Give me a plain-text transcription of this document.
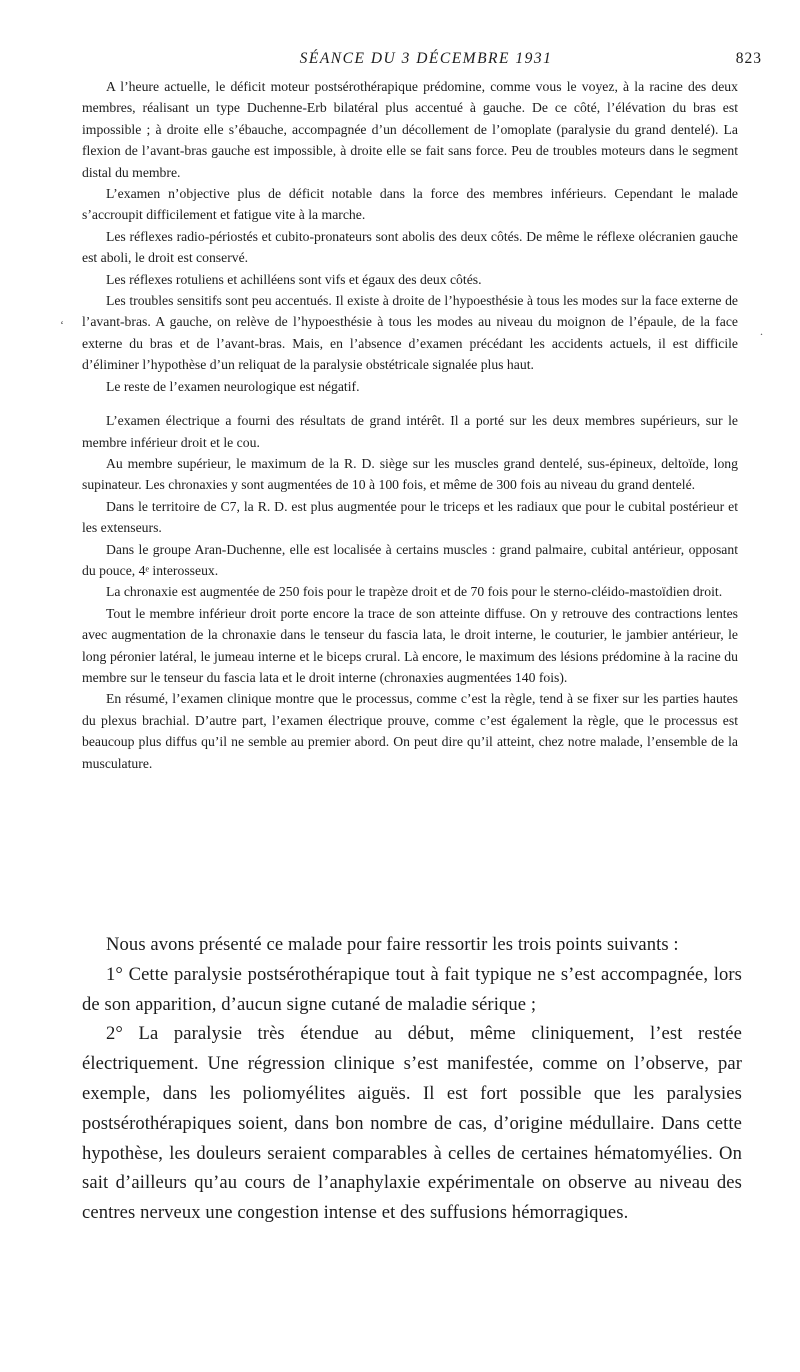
SÉANCE DU 3 DÉCEMBRE 1931	823

A l’heure actuelle, le déficit moteur postsérothérapique prédomine, comme vous le voyez, à la racine des deux membres, réalisant un type Duchenne-Erb bilatéral plus accentué à gauche. De ce côté, l’élévation du bras est impossible ; à droite elle s’ébauche, accompagnée d’un décollement de l’omoplate (paralysie du grand dentelé). La flexion de l’avant-bras gauche est impossible, à droite elle se fait sans force. Peu de troubles moteurs dans le segment distal du membre.

L’examen n’objective plus de déficit notable dans la force des membres inférieurs. Cependant le malade s’accroupit difficilement et fatigue vite à la marche.

Les réflexes radio-périostés et cubito-pronateurs sont abolis des deux côtés. De même le réflexe olécranien gauche est aboli, le droit est conservé.

Les réflexes rotuliens et achilléens sont vifs et égaux des deux côtés.

Les troubles sensitifs sont peu accentués. Il existe à droite de l’hypoesthésie à tous les modes sur la face externe de l’avant-bras. A gauche, on relève de l’hypoesthésie à tous les modes au niveau du moignon de l’épaule, de la face externe du bras et de l’avant-bras. Mais, en l’absence d’examen précédant les accidents actuels, il est difficile d’éliminer l’hypothèse d’un reliquat de la paralysie obstétricale signalée plus haut.

Le reste de l’examen neurologique est négatif.

L’examen électrique a fourni des résultats de grand intérêt. Il a porté sur les deux membres supérieurs, sur le membre inférieur droit et le cou.

Au membre supérieur, le maximum de la R. D. siège sur les muscles grand dentelé, sus-épineux, deltoïde, long supinateur. Les chronaxies y sont augmentées de 10 à 100 fois, et même de 300 fois au niveau du grand dentelé.

Dans le territoire de C7, la R. D. est plus augmentée pour le triceps et les radiaux que pour le cubital postérieur et les extenseurs.

Dans le groupe Aran-Duchenne, elle est localisée à certains muscles : grand palmaire, cubital antérieur, opposant du pouce, 4ᵉ interosseux.

La chronaxie est augmentée de 250 fois pour le trapèze droit et de 70 fois pour le sterno-cléido-mastoïdien droit.

Tout le membre inférieur droit porte encore la trace de son atteinte diffuse. On y retrouve des contractions lentes avec augmentation de la chronaxie dans le tenseur du fascia lata, le droit interne, le couturier, le jambier antérieur, le long péronier latéral, le jumeau interne et le biceps crural. Là encore, le maximum des lésions prédomine à la racine du membre sur le tenseur du fascia lata et le droit interne (chronaxies augmentées 140 fois).

En résumé, l’examen clinique montre que le processus, comme c’est la règle, tend à se fixer sur les parties hautes du plexus brachial. D’autre part, l’examen électrique prouve, comme c’est également la règle, que le processus est beaucoup plus diffus qu’il ne semble au premier abord. On peut dire qu’il atteint, chez notre malade, l’ensemble de la musculature.

Nous avons présenté ce malade pour faire ressortir les trois points suivants :

1° Cette paralysie postsérothérapique tout à fait typique ne s’est accompagnée, lors de son apparition, d’aucun signe cutané de maladie sérique ;

2° La paralysie très étendue au début, même cliniquement, l’est restée électriquement. Une régression clinique s’est manifestée, comme on l’observe, par exemple, dans les poliomyélites aiguës. Il est fort possible que les paralysies postsérothérapiques soient, dans bon nombre de cas, d’origine médullaire. Dans cette hypothèse, les douleurs seraient comparables à celles de certaines hématomyélies. On sait d’ailleurs qu’au cours de l’anaphylaxie expérimentale on observe au niveau des centres nerveux une congestion intense et des suffusions hémorragiques.

‘	.
